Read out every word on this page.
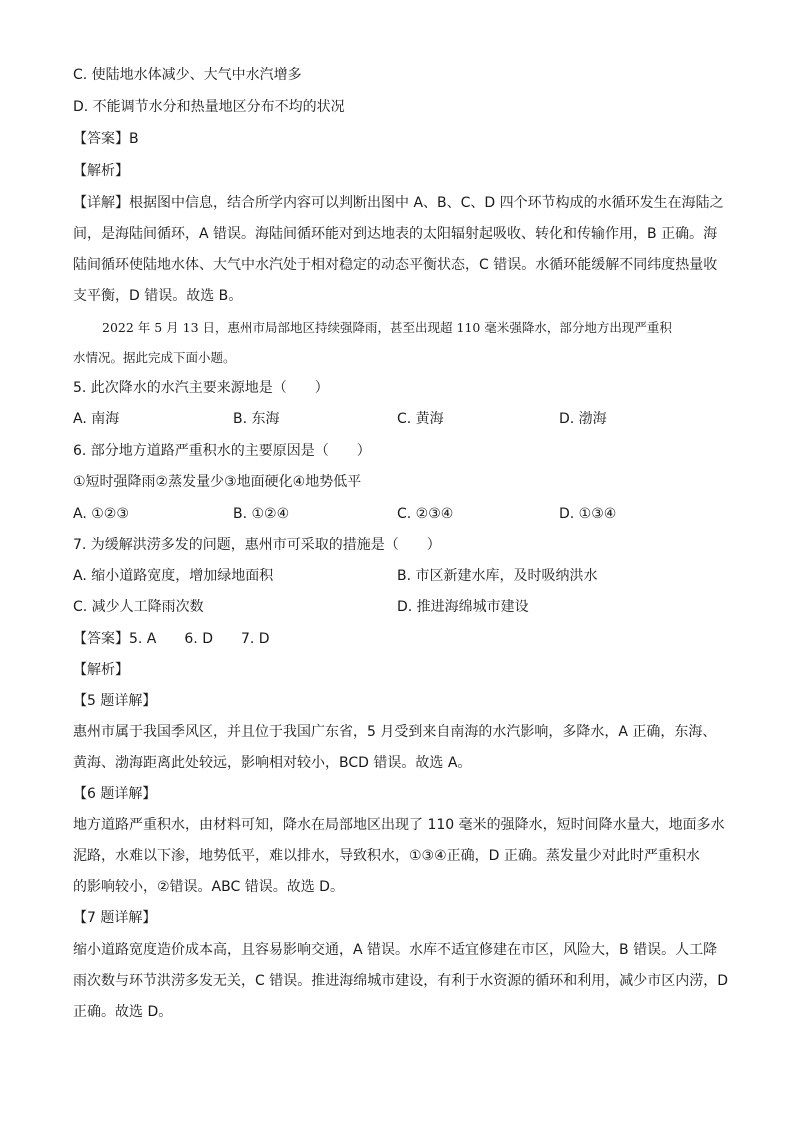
C. 使陆地水体减少、大气中水汽增多
D. 不能调节水分和热量地区分布不均的状况
【答案】B
【解析】
【详解】根据图中信息，结合所学内容可以判断出图中 A、B、C、D 四个环节构成的水循环发生在海陆之
间，是海陆间循环，A 错误。海陆间循环能对到达地表的太阳辐射起吸收、转化和传输作用，B 正确。海
陆间循环使陆地水体、大气中水汽处于相对稳定的动态平衡状态，C 错误。水循环能缓解不同纬度热量收
支平衡，D 错误。故选 B。
2022 年 5 月 13 日，惠州市局部地区持续强降雨，甚至出现超 110 毫米强降水，部分地方出现严重积
水情况。据此完成下面小题。
5. 此次降水的水汽主要来源地是（　　）
A. 南海	B. 东海	C. 黄海	D. 渤海
6. 部分地方道路严重积水的主要原因是（　　）
①短时强降雨②蒸发量少③地面硬化④地势低平
A. ①②③	B. ①②④	C. ②③④	D. ①③④
7. 为缓解洪涝多发的问题，惠州市可采取的措施是（　　）
A. 缩小道路宽度，增加绿地面积	B. 市区新建水库，及时吸纳洪水
C. 减少人工降雨次数	D. 推进海绵城市建设
【答案】5. A　　6. D　　7. D
【解析】
【5 题详解】
惠州市属于我国季风区，并且位于我国广东省，5 月受到来自南海的水汽影响，多降水，A 正确，东海、
黄海、渤海距离此处较远，影响相对较小，BCD 错误。故选 A。
【6 题详解】
地方道路严重积水，由材料可知，降水在局部地区出现了 110 毫米的强降水，短时间降水量大，地面多水
泥路，水难以下渗，地势低平，难以排水，导致积水，①③④正确，D 正确。蒸发量少对此时严重积水
的影响较小，②错误。ABC 错误。故选 D。
【7 题详解】
缩小道路宽度造价成本高，且容易影响交通，A 错误。水库不适宜修建在市区，风险大，B 错误。人工降
雨次数与环节洪涝多发无关，C 错误。推进海绵城市建设，有利于水资源的循环和利用，减少市区内涝，D
正确。故选 D。
